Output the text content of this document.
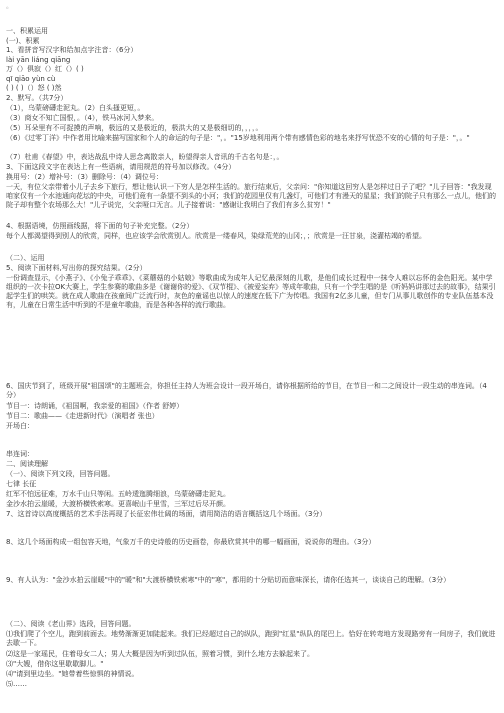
。
一、积累运用
(一)、积累
1、看拼音写汉字和给加点字注音：（6分）
lài yān liáng qiāng
万（）俱寂（）红（）( )
qī qiāo yùn cù
( ) ( )（）怒 ( )然
2、默写。（共7分）
（1），乌蒙磅礴走泥丸。（2）白头搔更短，。
（3）商女不知亡国恨，。（4），铁马冰河入梦来。
（5）耳朵里有不可捉摸的声响，极远的又是极近的，极洪大的又是极细切的，，，，。
（6）《过零丁洋》中作者用比喻来描写国家和个人的命运的句子是："，。"15岁地利用两个带有感情色彩的地名来抒写忧恐不安的心情的句子是："，。"
（7）杜甫《春望》中，表达战乱中诗人思念离散亲人，盼望得亲人音讯的千古名句是：，。
3、下面这段文字在表达上有一些语病，请用规范的符号加以修改。（4分）
换用号：（2）增补号：（3）删除号：（4）调位号：
一天，有位父亲带着小儿子去乡下旅行，想让他认识一下穷人是怎样生活的。旅行结束后，父亲问："你知道这回穷人是怎样过日子了吧？"儿子回答："我发现咱家仅有一个水池通向花坛的中央，可他们竟有一条望不到头的小河；我们的花园里仅有几盏灯，可他们才有漫天的星星；我们的院子只有那么一点儿，他们的院子却有整个农场那么大！"儿子说完，父亲哑口无言。儿子接着说："感谢让我明白了我们有多么贫穷！"
4、根据语境，仿照画线据，将下面的句子补充完整。（2分）
每个人都渴望得到别人的欣赏，同样，也应该学会欣赏别人。欣赏是一缕春风，染绿荒芜的山冈；，；欣赏是一汪甘泉，浇灌枯竭的希望。
（二）、运用
5、阅读下面材料,写出你的探究结果。（2分）
一份调查显示，《小燕子》、《小兔子乖乖》、《菜蘑菇的小姑娘》等歌曲成为成年人记忆最深刻的儿歌，是他们成长过程中一抹令人难以忘怀的金色阳光。某中学组织的一次卡拉OK大赛上，学生参赛的歌曲多是《谢谢你的爱》、《双节棍》、《被爱妄弃》等成年歌曲，只有一个学生唱的是《听妈妈讲那过去的故事》，结果引起学生们的哄笑。就在成人歌曲在孩童间广泛流行时，灰色的童谣也以惊人的速度在低下广为传唱。我国有2亿多儿童，但专门从事儿歌创作的专业队伍基本没有，儿童在日常生活中听到的不是童年歌曲，而是各种各样的流行歌曲。
6、国庆节到了，班级开展"祖国颂"的主题班会，你担任主持人为班会设计一段开场白，请你根据所给的节目，在节目一和二之间设计一段生动的串连词。（4分）
节目一：诗朗诵，《祖国啊，我亲爱的祖国》（作者 舒婷）
节目二：歌曲——《走进新时代》（演唱者 张也）
开场白：
串连词：
二、阅读理解
（一）、阅读下列文段，回答问题。
七律 长征
红军不怕远征难，万水千山只等闲。五岭逶迤腾细浪，乌蒙磅礴走泥丸。
金沙水拍云崖暖，大渡桥横铁索寒。更喜岷山千里雪，三军过后尽开颜。
7、这首诗以高度概括的艺术手法再现了长征宏伟壮阔的场面，请用简洁的语言概括这几个场面。（3分）
8、这几个场面构成一组包容天地，气象万千的史诗般的历史画卷，你最欣赏其中的哪一幅画面，说说你的理由。（3分）
9、有人认为："金沙水拍云崖暖"中的"暖"和"大渡桥横铁索寒"中的"寒"，都用的十分贴切而意味深长，请你任选其一，谈谈自己的理解。（3分）
（二）、阅读《老山界》选段，回答问题。
⑴我们爬了个空儿，跑到前面去。地势渐渐更加陡起来。我们已经超过自己的纵队，跑到"红星"纵队的尾巴上。恰好在转弯地方发现路旁有一间房子，我们就进去歇一下。
⑵这是一家瑶民，住着母女二人；男人大概是因为听到过队伍，照着习惯，到什么地方去躲起来了。
⑶"大嫂，借你这里歇歇脚儿。"
⑷"请到里边坐。"她带着些惊惧的神情说。
⑸……
